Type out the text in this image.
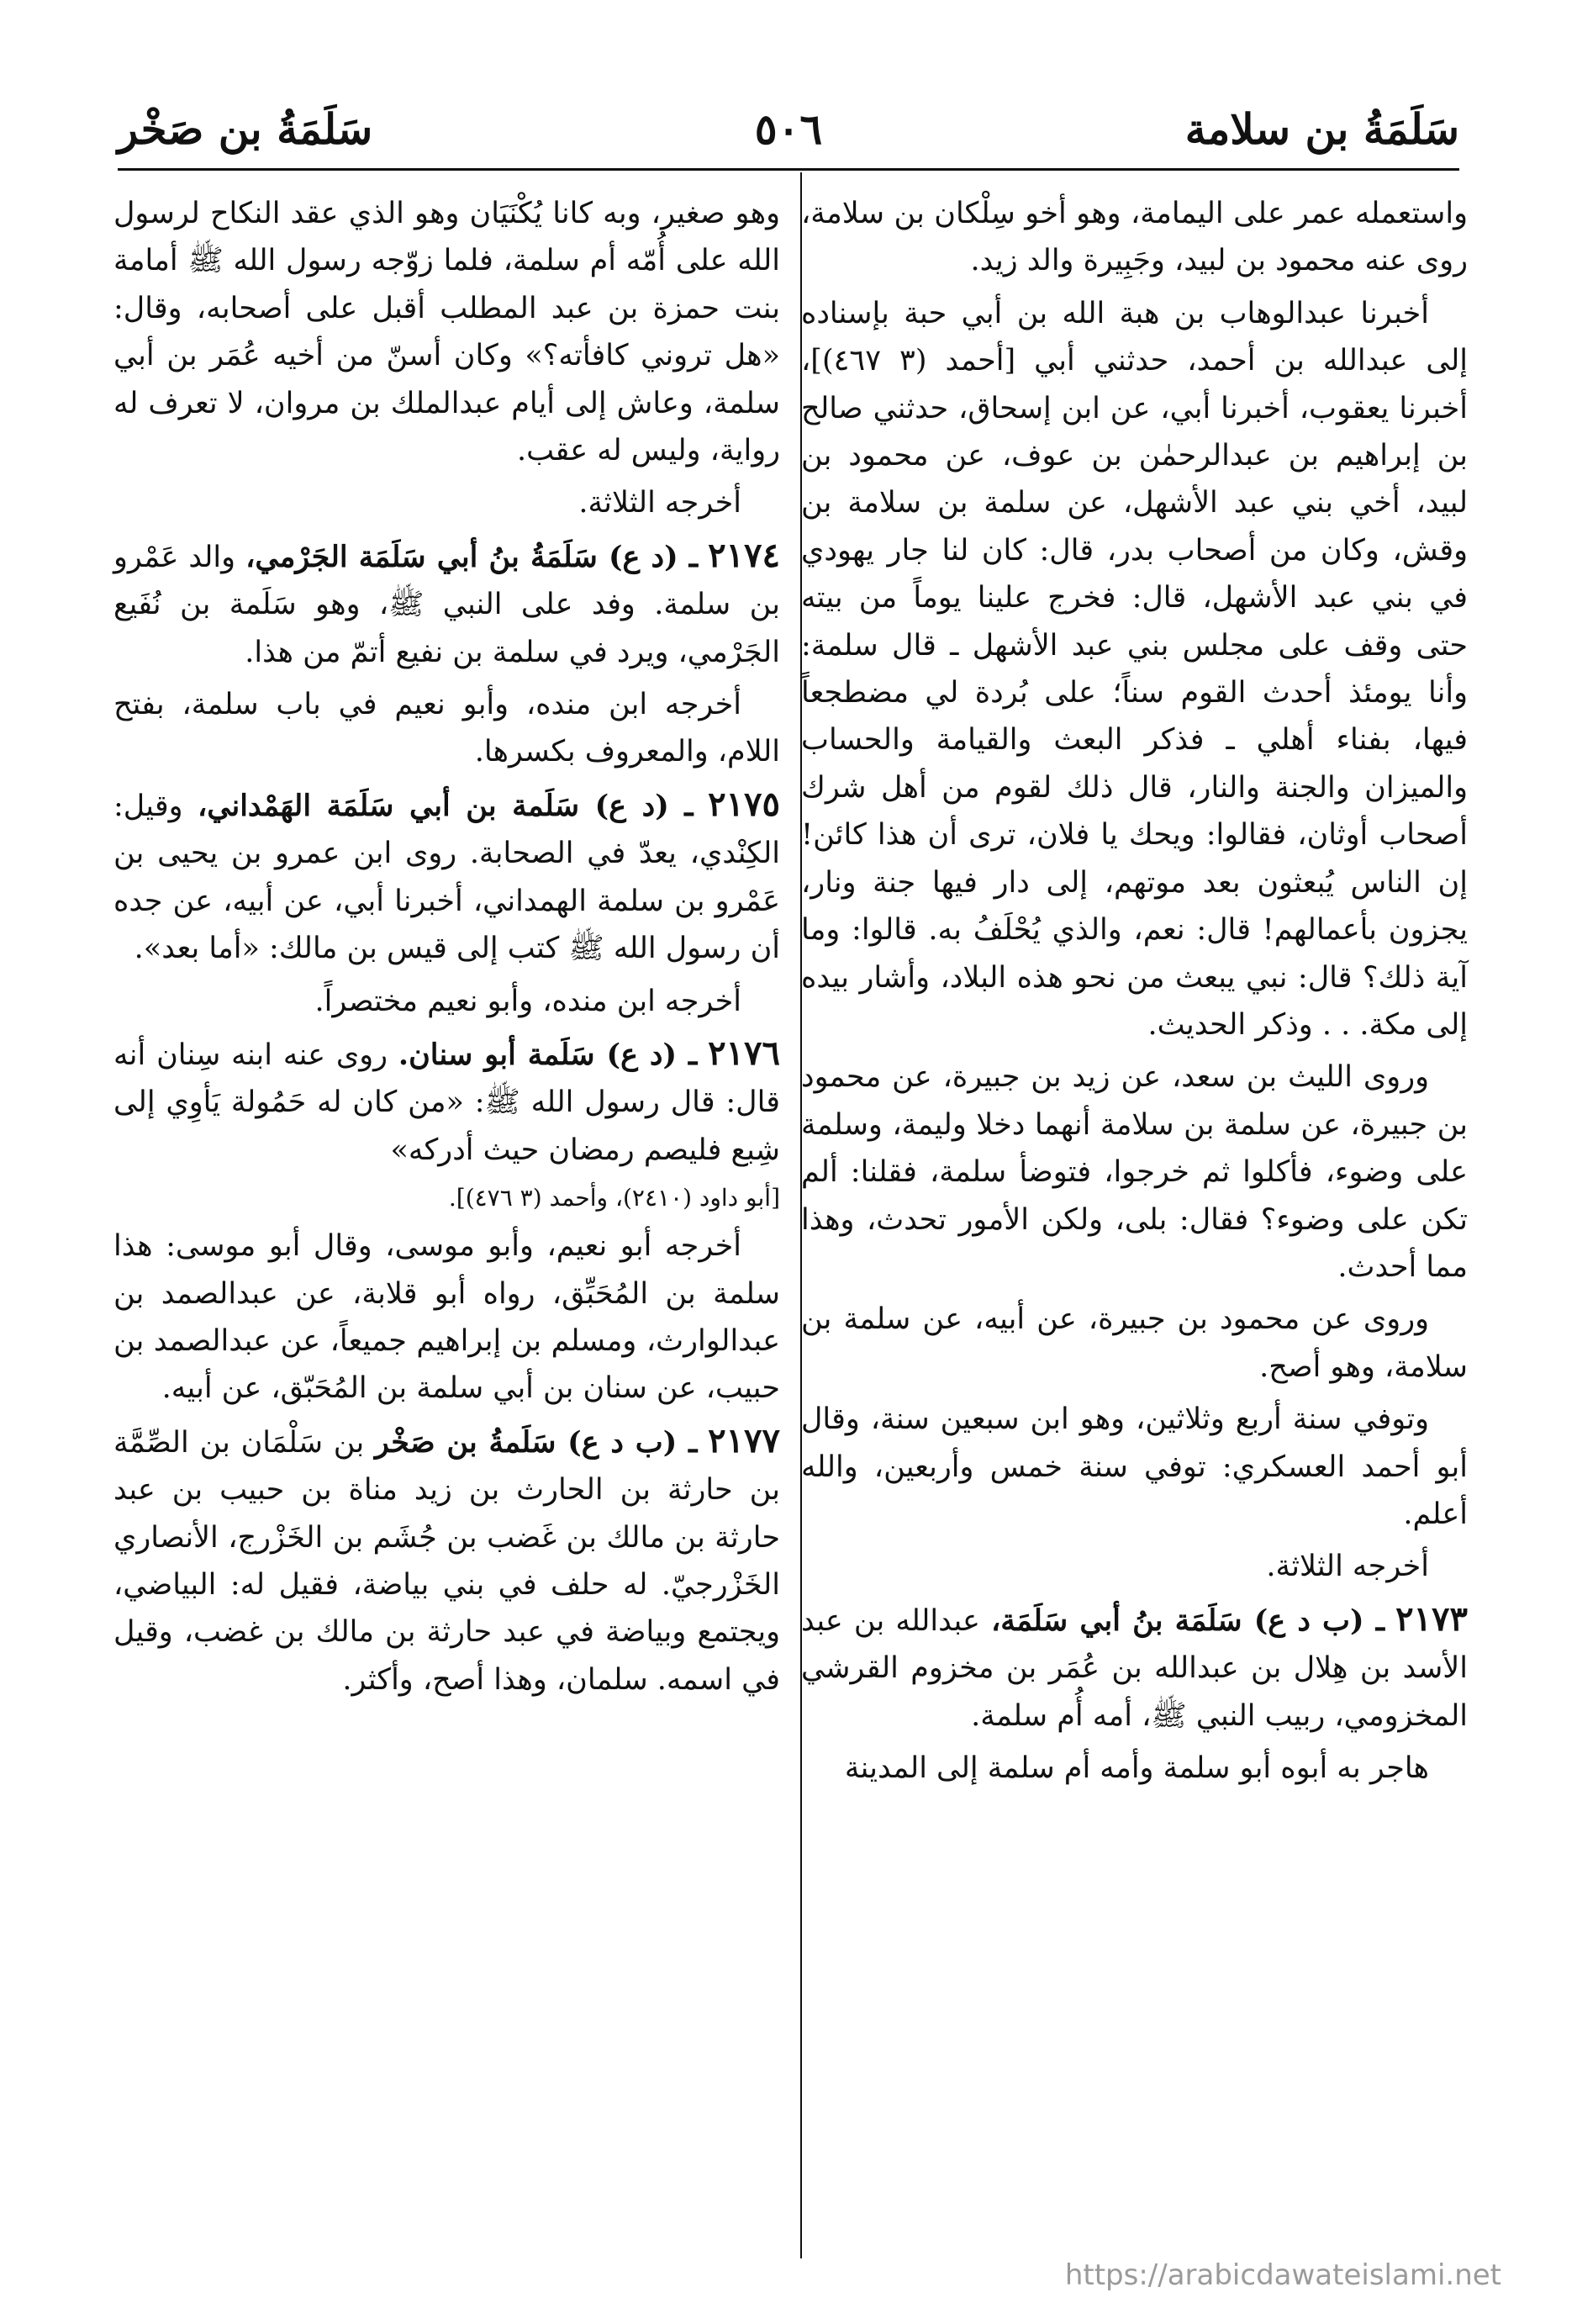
سَلَمَةُ بن سلامة
٥٠٦
سَلَمَةُ بن صَخْر

واستعمله عمر على اليمامة، وهو أخو سِلْكان بن سلامة، روى عنه محمود بن لبيد، وجَبِيرة والد زيد.

أخبرنا عبدالوهاب بن هبة الله بن أبي حبة بإسناده إلى عبدالله بن أحمد، حدثني أبي [أحمد (٣ ٤٦٧)]، أخبرنا يعقوب، أخبرنا أبي، عن ابن إسحاق، حدثني صالح بن إبراهيم بن عبدالرحمٰن بن عوف، عن محمود بن لبيد، أخي بني عبد الأشهل، عن سلمة بن سلامة بن وقش، وكان من أصحاب بدر، قال: كان لنا جار يهودي في بني عبد الأشهل، قال: فخرج علينا يوماً من بيته حتى وقف على مجلس بني عبد الأشهل ـ قال سلمة: وأنا يومئذ أحدث القوم سناً؛ على بُردة لي مضطجعاً فيها، بفناء أهلي ـ فذكر البعث والقيامة والحساب والميزان والجنة والنار، قال ذلك لقوم من أهل شرك أصحاب أوثان، فقالوا: ويحك يا فلان، ترى أن هذا كائن! إن الناس يُبعثون بعد موتهم، إلى دار فيها جنة ونار، يجزون بأعمالهم! قال: نعم، والذي يُحْلَفُ به. قالوا: وما آية ذلك؟ قال: نبي يبعث من نحو هذه البلاد، وأشار بيده إلى مكة. . . وذكر الحديث.

وروى الليث بن سعد، عن زيد بن جبيرة، عن محمود بن جبيرة، عن سلمة بن سلامة أنهما دخلا وليمة، وسلمة على وضوء، فأكلوا ثم خرجوا، فتوضأ سلمة، فقلنا: ألم تكن على وضوء؟ فقال: بلى، ولكن الأمور تحدث، وهذا مما أحدث.

وروى عن محمود بن جبيرة، عن أبيه، عن سلمة بن سلامة، وهو أصح.

وتوفي سنة أربع وثلاثين، وهو ابن سبعين سنة، وقال أبو أحمد العسكري: توفي سنة خمس وأربعين، والله أعلم.

أخرجه الثلاثة.

٢١٧٣ ـ (ب د ع) سَلَمَة بنُ أبي سَلَمَة، عبدالله بن عبد الأسد بن هِلال بن عبدالله بن عُمَر بن مخزوم القرشي المخزومي، ربيب النبي ﷺ، أمه أُم سلمة.

هاجر به أبوه أبو سلمة وأمه أم سلمة إلى المدينة

وهو صغير، وبه كانا يُكْنَيَان وهو الذي عقد النكاح لرسول الله على أُمّه أم سلمة، فلما زوّجه رسول الله ﷺ أمامة بنت حمزة بن عبد المطلب أقبل على أصحابه، وقال: «هل تروني كافأته؟» وكان أسنّ من أخيه عُمَر بن أبي سلمة، وعاش إلى أيام عبدالملك بن مروان، لا تعرف له رواية، وليس له عقب.

أخرجه الثلاثة.

٢١٧٤ ـ (د ع) سَلَمَةُ بنُ أبي سَلَمَة الجَرْمي، والد عَمْرو بن سلمة. وفد على النبي ﷺ، وهو سَلَمة بن نُفَيع الجَرْمي، ويرد في سلمة بن نفيع أتمّ من هذا.

أخرجه ابن منده، وأبو نعيم في باب سلمة، بفتح اللام، والمعروف بكسرها.

٢١٧٥ ـ (د ع) سَلَمة بن أبي سَلَمَة الهَمْداني، وقيل: الكِنْدي، يعدّ في الصحابة. روى ابن عمرو بن يحيى بن عَمْرو بن سلمة الهمداني، أخبرنا أبي، عن أبيه، عن جده أن رسول الله ﷺ كتب إلى قيس بن مالك: «أما بعد».

أخرجه ابن منده، وأبو نعيم مختصراً.

٢١٧٦ ـ (د ع) سَلَمة أبو سنان. روى عنه ابنه سِنان أنه قال: قال رسول الله ﷺ: «من كان له حَمُولة يَأوِي إلى شِبع فليصم رمضان حيث أدركه»

[أبو داود (٢٤١٠)، وأحمد (٣ ٤٧٦)].

أخرجه أبو نعيم، وأبو موسى، وقال أبو موسى: هذا سلمة بن المُحَبِّق، رواه أبو قلابة، عن عبدالصمد بن عبدالوارث، ومسلم بن إبراهيم جميعاً، عن عبدالصمد بن حبيب، عن سنان بن أبي سلمة بن المُحَبّق، عن أبيه.

٢١٧٧ ـ (ب د ع) سَلَمةُ بن صَخْر بن سَلْمَان بن الصِّمَّة بن حارثة بن الحارث بن زيد مناة بن حبيب بن عبد حارثة بن مالك بن غَضب بن جُشَم بن الخَزْرج، الأنصاري الخَزْرجيّ. له حلف في بني بياضة، فقيل له: البياضي، ويجتمع وبياضة في عبد حارثة بن مالك بن غضب، وقيل في اسمه. سلمان، وهذا أصح، وأكثر.

https://arabicdawateislami.net
